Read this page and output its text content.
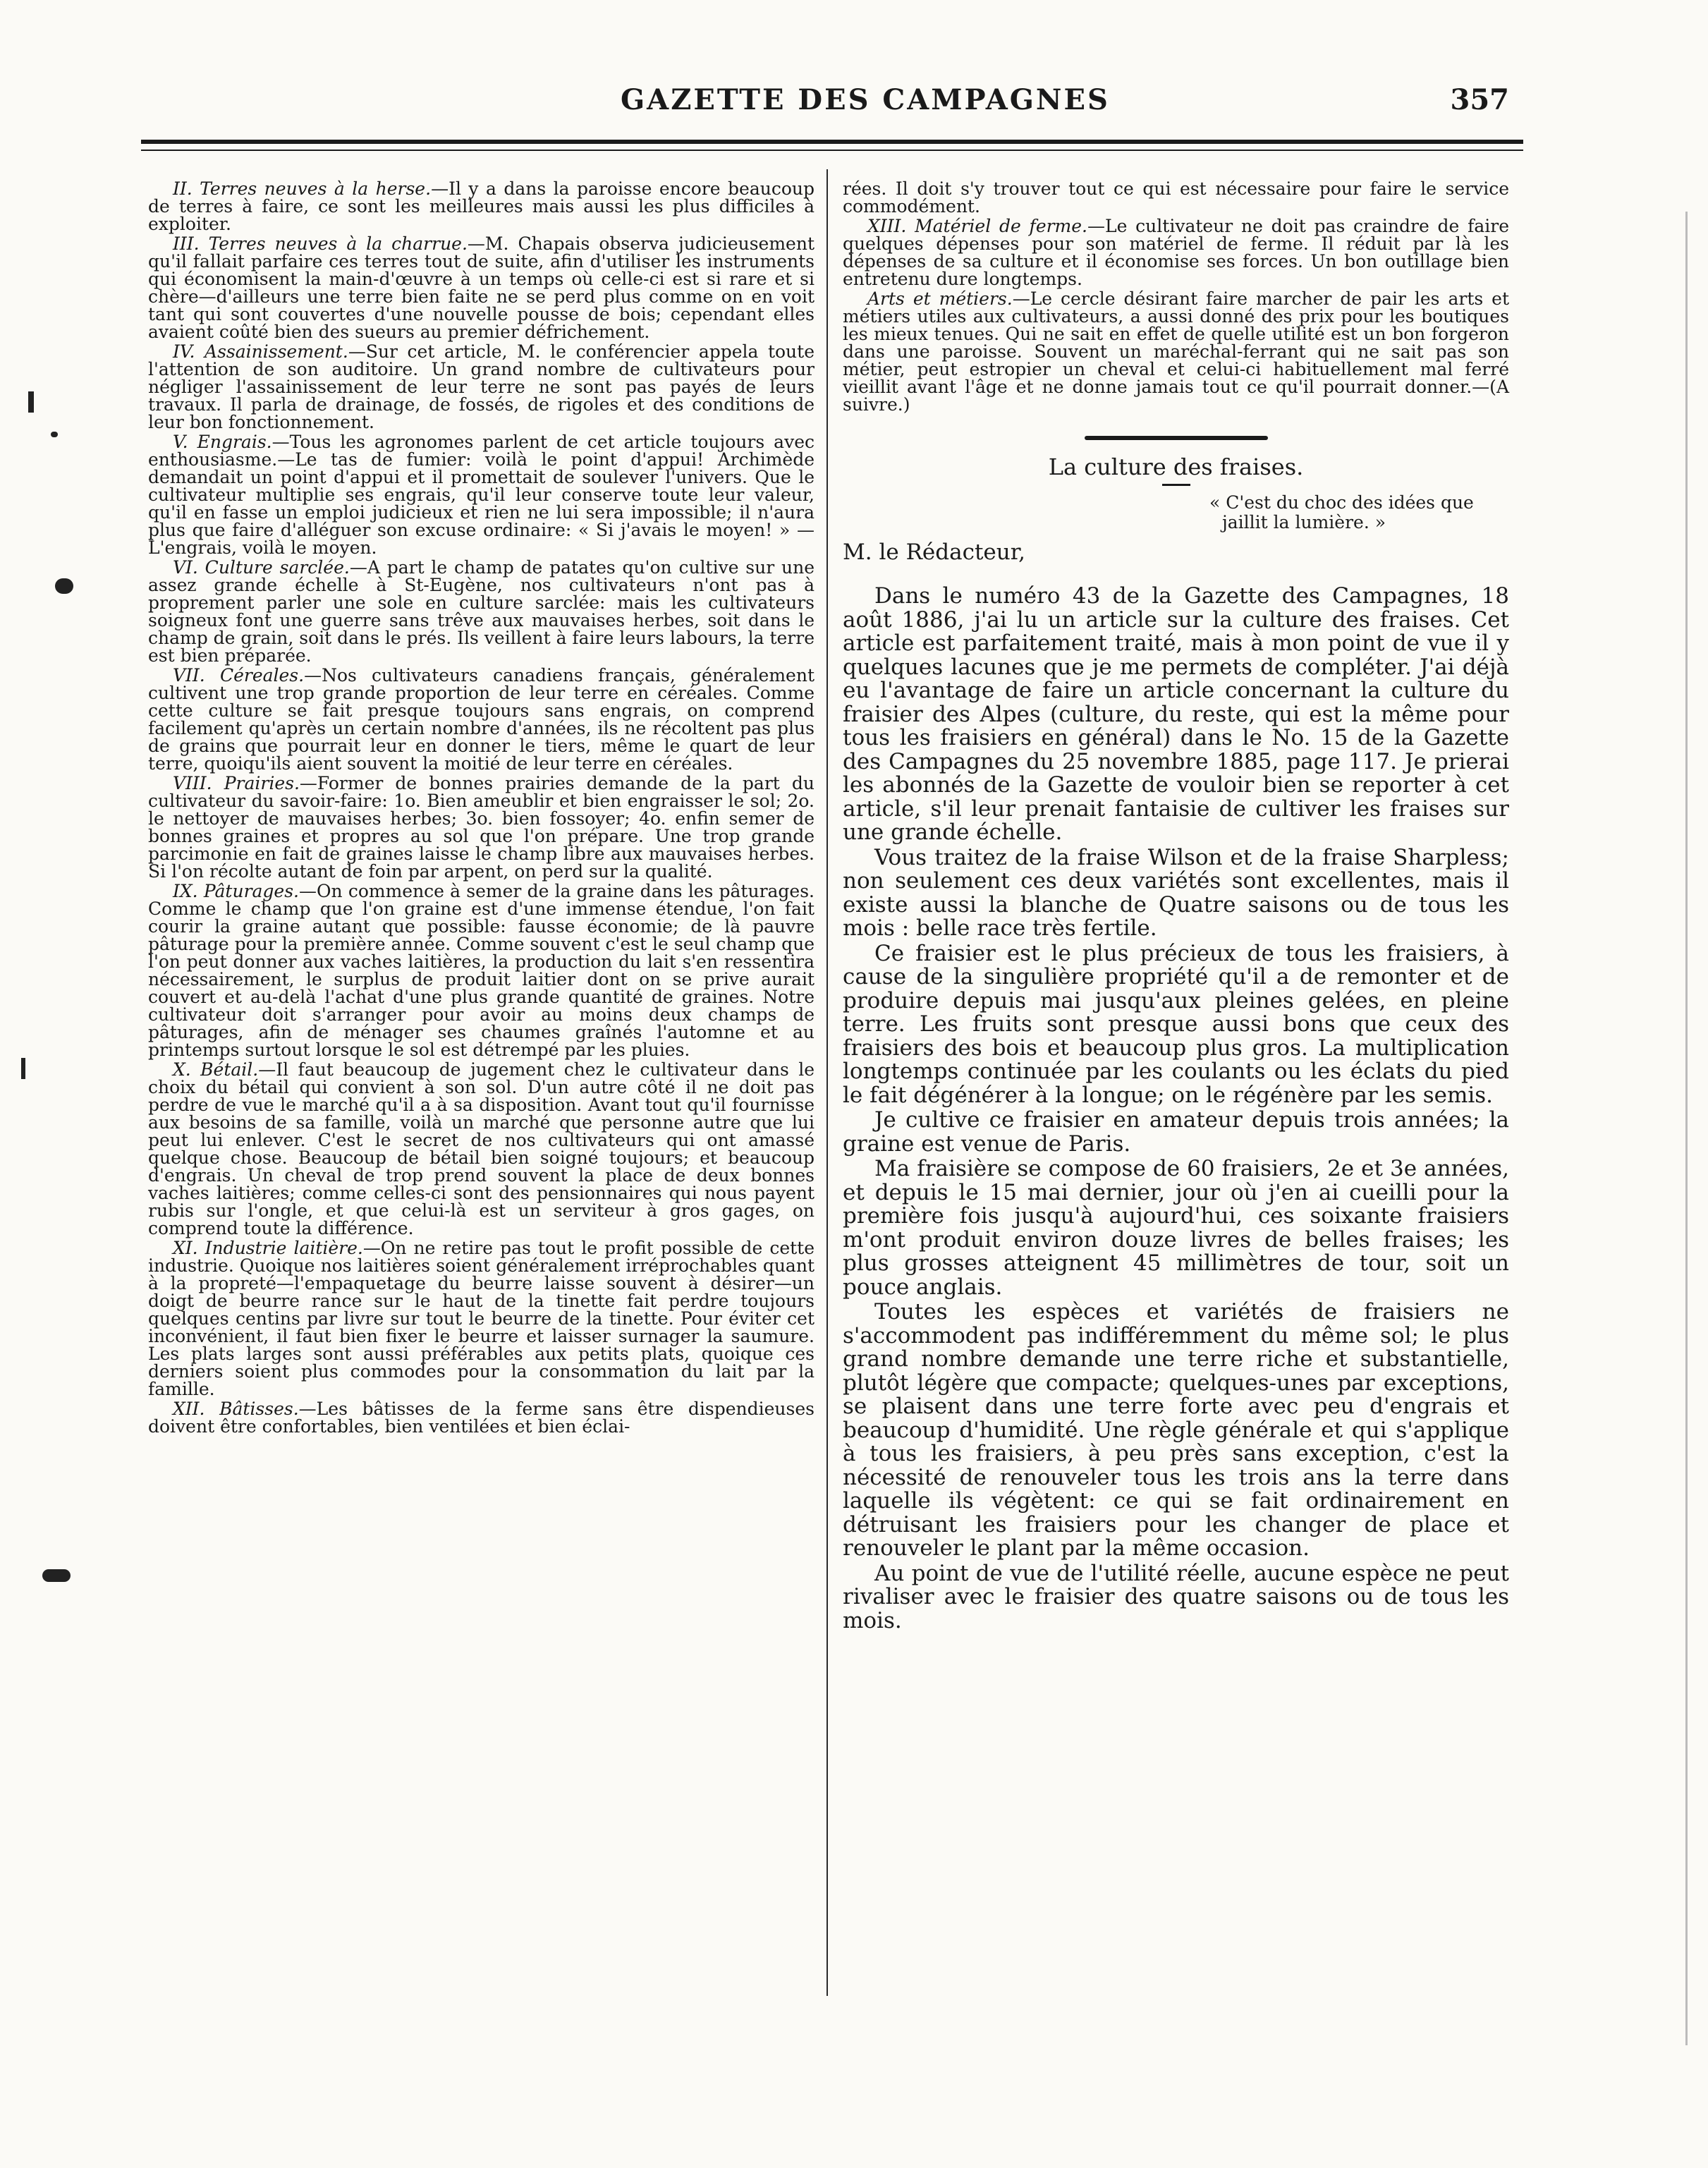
GAZETTE DES CAMPAGNES	357

II. Terres neuves à la herse.—Il y a dans la paroisse encore beaucoup de terres à faire, ce sont les meilleures mais aussi les plus difficiles à exploiter.

III. Terres neuves à la charrue.—M. Chapais observa judicieusement qu'il fallait parfaire ces terres tout de suite, afin d'utiliser les instruments qui économisent la main-d'œuvre à un temps où celle-ci est si rare et si chère—d'ailleurs une terre bien faite ne se perd plus comme on en voit tant qui sont couvertes d'une nouvelle pousse de bois; cependant elles avaient coûté bien des sueurs au premier défrichement.

IV. Assainissement.—Sur cet article, M. le conférencier appela toute l'attention de son auditoire. Un grand nombre de cultivateurs pour négliger l'assainissement de leur terre ne sont pas payés de leurs travaux. Il parla de drainage, de fossés, de rigoles et des conditions de leur bon fonctionnement.

V. Engrais.—Tous les agronomes parlent de cet article toujours avec enthousiasme.—Le tas de fumier: voilà le point d'appui! Archimède demandait un point d'appui et il promettait de soulever l'univers. Que le cultivateur multiplie ses engrais, qu'il leur conserve toute leur valeur, qu'il en fasse un emploi judicieux et rien ne lui sera impossible; il n'aura plus que faire d'alléguer son excuse ordinaire: « Si j'avais le moyen! » —L'engrais, voilà le moyen.

VI. Culture sarclée.—A part le champ de patates qu'on cultive sur une assez grande échelle à St-Eugène, nos cultivateurs n'ont pas à proprement parler une sole en culture sarclée: mais les cultivateurs soigneux font une guerre sans trêve aux mauvaises herbes, soit dans le champ de grain, soit dans le prés. Ils veillent à faire leurs labours, la terre est bien préparée.

VII. Céreales.—Nos cultivateurs canadiens français, généralement cultivent une trop grande proportion de leur terre en céréales. Comme cette culture se fait presque toujours sans engrais, on comprend facilement qu'après un certain nombre d'années, ils ne récoltent pas plus de grains que pourrait leur en donner le tiers, même le quart de leur terre, quoiqu'ils aient souvent la moitié de leur terre en céréales.

VIII. Prairies.—Former de bonnes prairies demande de la part du cultivateur du savoir-faire: 1o. Bien ameublir et bien engraisser le sol; 2o. le nettoyer de mauvaises herbes; 3o. bien fossoyer; 4o. enfin semer de bonnes graines et propres au sol que l'on prépare. Une trop grande parcimonie en fait de graines laisse le champ libre aux mauvaises herbes. Si l'on récolte autant de foin par arpent, on perd sur la qualité.

IX. Pâturages.—On commence à semer de la graine dans les pâturages. Comme le champ que l'on graine est d'une immense étendue, l'on fait courir la graine autant que possible: fausse économie; de là pauvre pâturage pour la première année. Comme souvent c'est le seul champ que l'on peut donner aux vaches laitières, la production du lait s'en ressentira nécessairement, le surplus de produit laitier dont on se prive aurait couvert et au-delà l'achat d'une plus grande quantité de graines. Notre cultivateur doit s'arranger pour avoir au moins deux champs de pâturages, afin de ménager ses chaumes graînés l'automne et au printemps surtout lorsque le sol est détrempé par les pluies.

X. Bétail.—Il faut beaucoup de jugement chez le cultivateur dans le choix du bétail qui convient à son sol. D'un autre côté il ne doit pas perdre de vue le marché qu'il a à sa disposition. Avant tout qu'il fournisse aux besoins de sa famille, voilà un marché que personne autre que lui peut lui enlever. C'est le secret de nos cultivateurs qui ont amassé quelque chose. Beaucoup de bétail bien soigné toujours; et beaucoup d'engrais. Un cheval de trop prend souvent la place de deux bonnes vaches laitières; comme celles-ci sont des pensionnaires qui nous payent rubis sur l'ongle, et que celui-là est un serviteur à gros gages, on comprend toute la différence.

XI. Industrie laitière.—On ne retire pas tout le profit possible de cette industrie. Quoique nos laitières soient généralement irréprochables quant à la propreté—l'empaquetage du beurre laisse souvent à désirer—un doigt de beurre rance sur le haut de la tinette fait perdre toujours quelques centins par livre sur tout le beurre de la tinette. Pour éviter cet inconvénient, il faut bien fixer le beurre et laisser surnager la saumure. Les plats larges sont aussi préférables aux petits plats, quoique ces derniers soient plus commodes pour la consommation du lait par la famille.

XII. Bâtisses.—Les bâtisses de la ferme sans être dispendieuses doivent être confortables, bien ventilées et bien éclai-

rées. Il doit s'y trouver tout ce qui est nécessaire pour faire le service commodément.

XIII. Matériel de ferme.—Le cultivateur ne doit pas craindre de faire quelques dépenses pour son matériel de ferme. Il réduit par là les dépenses de sa culture et il économise ses forces. Un bon outillage bien entretenu dure longtemps.

Arts et métiers.—Le cercle désirant faire marcher de pair les arts et métiers utiles aux cultivateurs, a aussi donné des prix pour les boutiques les mieux tenues. Qui ne sait en effet de quelle utilité est un bon forgeron dans une paroisse. Souvent un maréchal-ferrant qui ne sait pas son métier, peut estropier un cheval et celui-ci habituellement mal ferré vieillit avant l'âge et ne donne jamais tout ce qu'il pourrait donner.—(A suivre.)

La culture des fraises.
« C'est du choc des idées que
jaillit la lumière. »
M. le Rédacteur,

Dans le numéro 43 de la Gazette des Campagnes, 18 août 1886, j'ai lu un article sur la culture des fraises. Cet article est parfaitement traité, mais à mon point de vue il y quelques lacunes que je me permets de compléter. J'ai déjà eu l'avantage de faire un article concernant la culture du fraisier des Alpes (culture, du reste, qui est la même pour tous les fraisiers en général) dans le No. 15 de la Gazette des Campagnes du 25 novembre 1885, page 117. Je prierai les abonnés de la Gazette de vouloir bien se reporter à cet article, s'il leur prenait fantaisie de cultiver les fraises sur une grande échelle.

Vous traitez de la fraise Wilson et de la fraise Sharpless; non seulement ces deux variétés sont excellentes, mais il existe aussi la blanche de Quatre saisons ou de tous les mois : belle race très fertile.

Ce fraisier est le plus précieux de tous les fraisiers, à cause de la singulière propriété qu'il a de remonter et de produire depuis mai jusqu'aux pleines gelées, en pleine terre. Les fruits sont presque aussi bons que ceux des fraisiers des bois et beaucoup plus gros. La multiplication longtemps continuée par les coulants ou les éclats du pied le fait dégénérer à la longue; on le régénère par les semis.

Je cultive ce fraisier en amateur depuis trois années; la graine est venue de Paris.

Ma fraisière se compose de 60 fraisiers, 2e et 3e années, et depuis le 15 mai dernier, jour où j'en ai cueilli pour la première fois jusqu'à aujourd'hui, ces soixante fraisiers m'ont produit environ douze livres de belles fraises; les plus grosses atteignent 45 millimètres de tour, soit un pouce anglais.

Toutes les espèces et variétés de fraisiers ne s'accommodent pas indifféremment du même sol; le plus grand nombre demande une terre riche et substantielle, plutôt légère que compacte; quelques-unes par exceptions, se plaisent dans une terre forte avec peu d'engrais et beaucoup d'humidité. Une règle générale et qui s'applique à tous les fraisiers, à peu près sans exception, c'est la nécessité de renouveler tous les trois ans la terre dans laquelle ils végètent: ce qui se fait ordinairement en détruisant les fraisiers pour les changer de place et renouveler le plant par la même occasion.

Au point de vue de l'utilité réelle, aucune espèce ne peut rivaliser avec le fraisier des quatre saisons ou de tous les mois.
